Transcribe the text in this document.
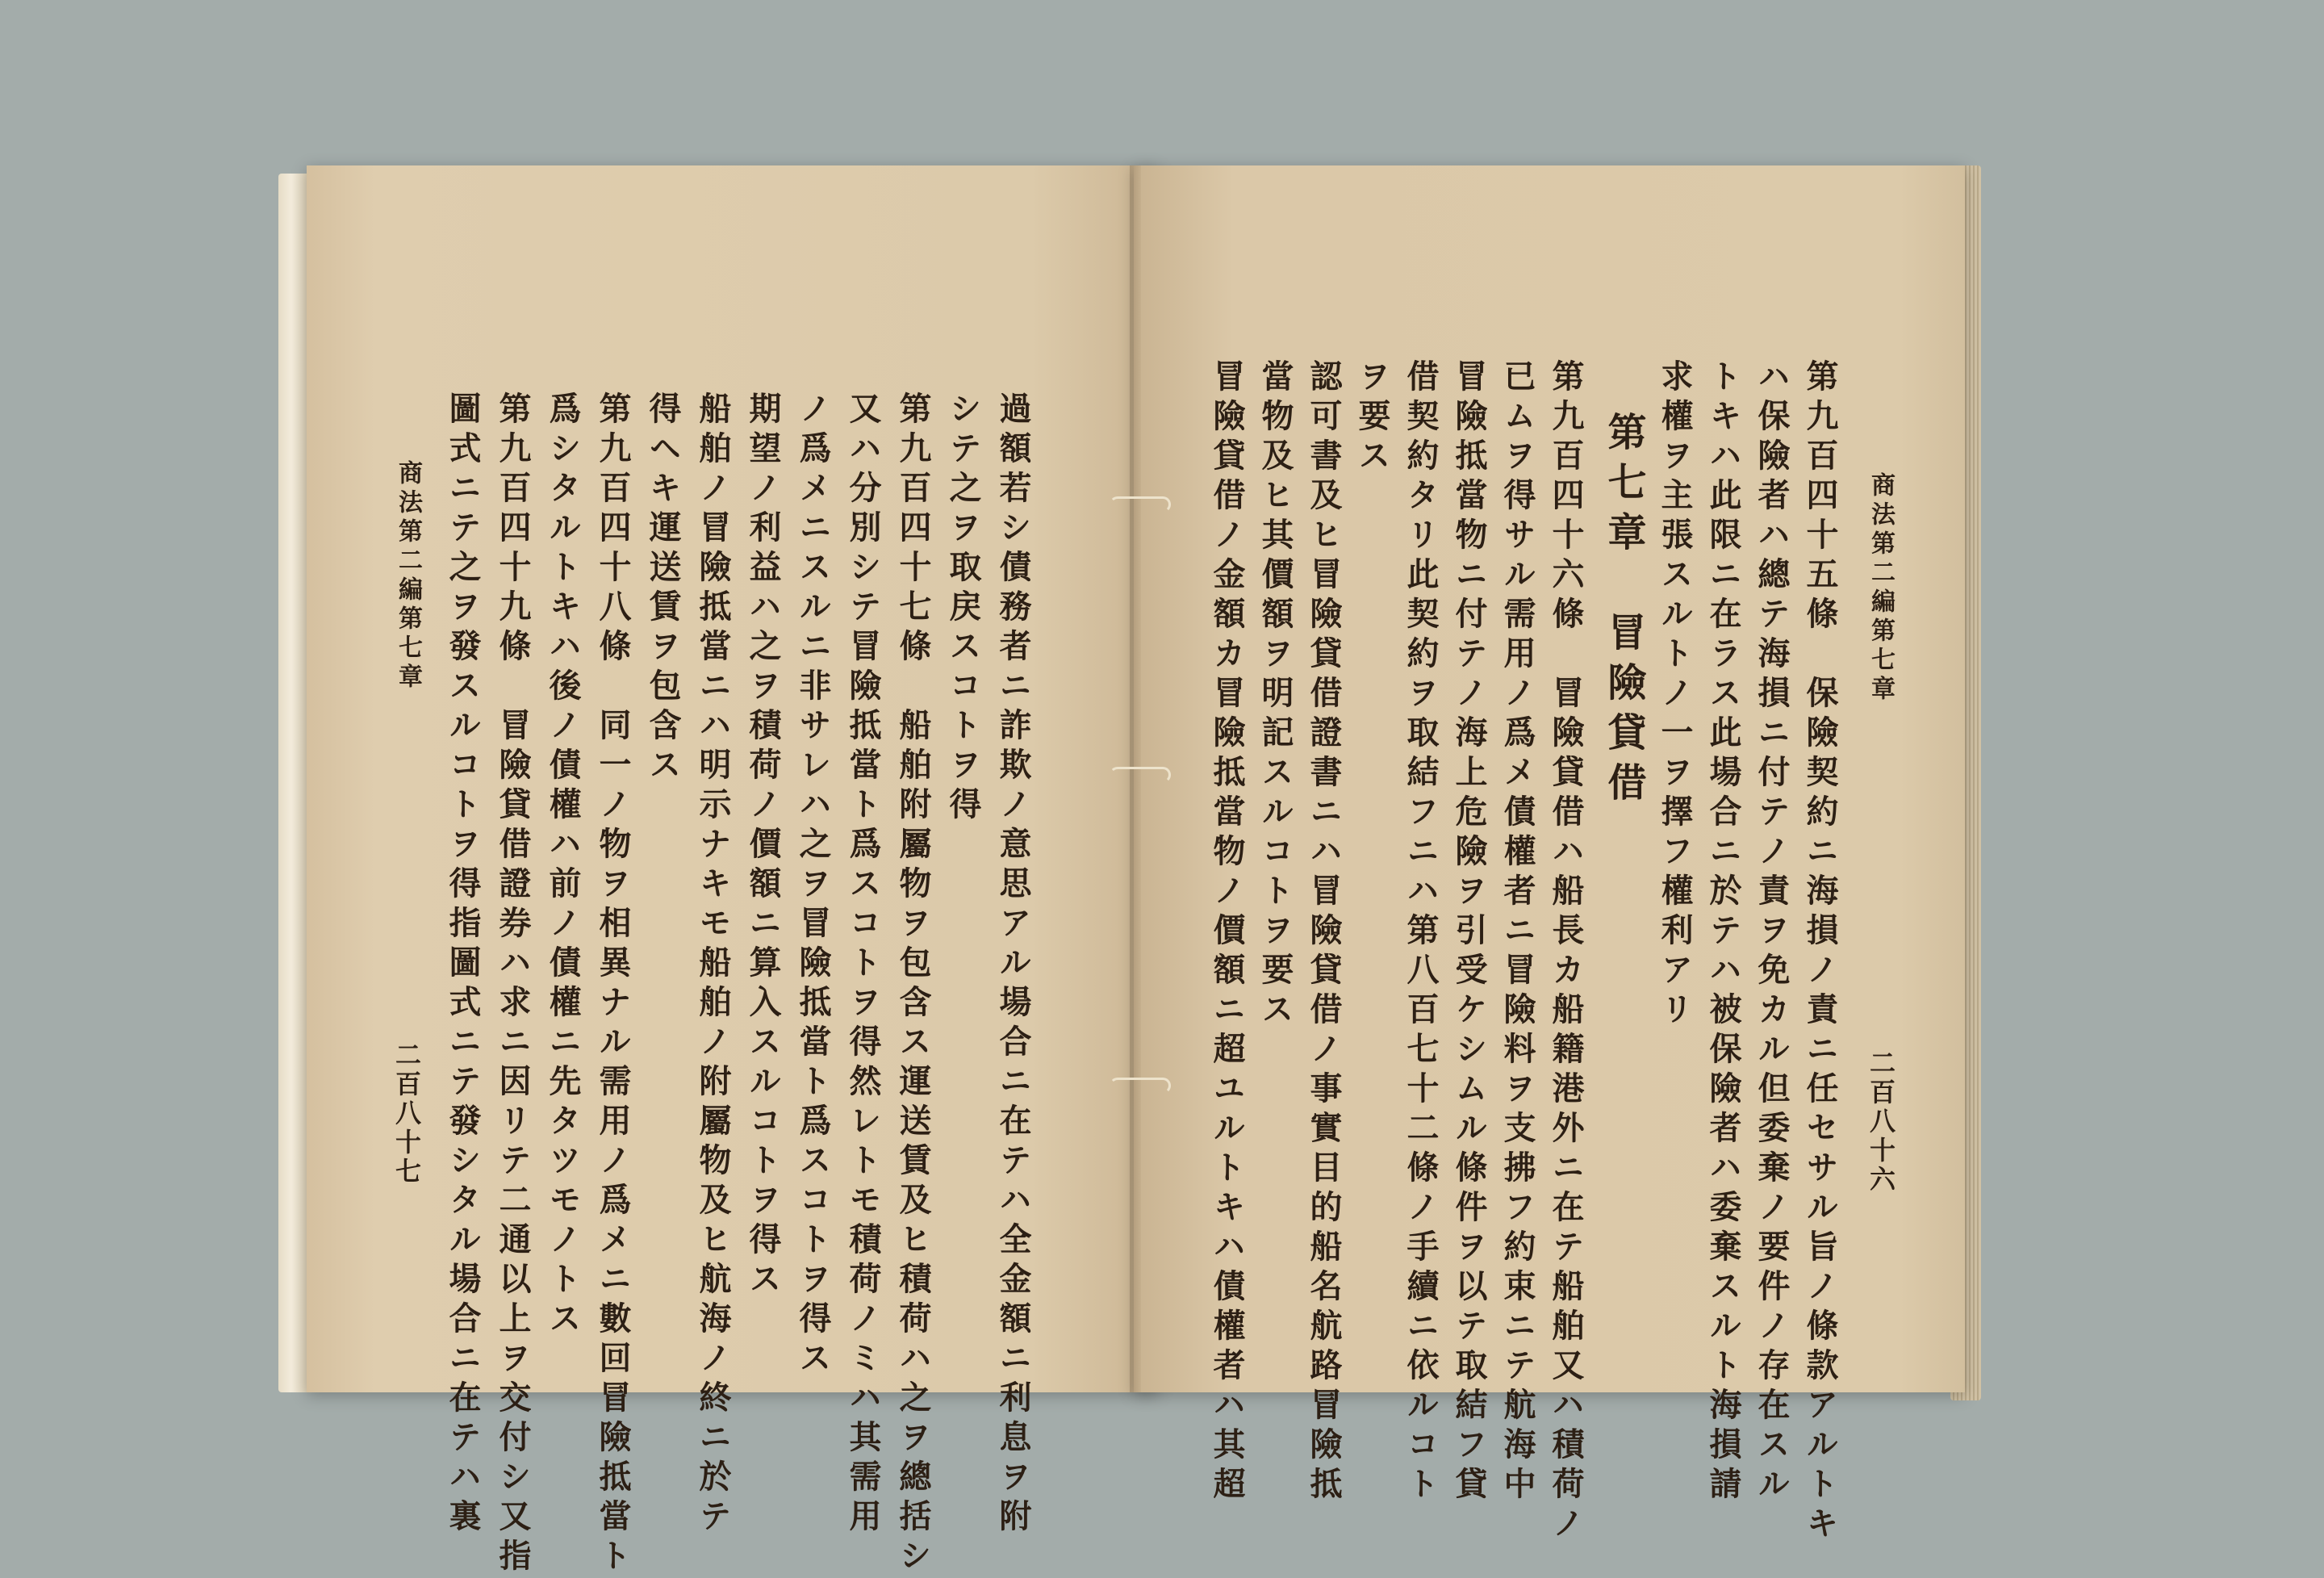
商法第二編第七章
二百八十七	過額若シ債務者ニ詐欺ノ意思アル場合ニ在テハ全金額ニ利息ヲ附
シテ之ヲ取戻スコトヲ得
第九百四十七條　船舶附屬物ヲ包含ス運送賃及ヒ積荷ハ之ヲ總括シ
又ハ分別シテ冒險抵當ト爲スコトヲ得然レトモ積荷ノミハ其需用
ノ爲メニスルニ非サレハ之ヲ冒險抵當ト爲スコトヲ得ス
期望ノ利益ハ之ヲ積荷ノ價額ニ算入スルコトヲ得ス
船舶ノ冒險抵當ニハ明示ナキモ船舶ノ附屬物及ヒ航海ノ終ニ於テ
得ヘキ運送賃ヲ包含ス
第九百四十八條　同一ノ物ヲ相異ナル需用ノ爲メニ數回冒險抵當ト
爲シタルトキハ後ノ債權ハ前ノ債權ニ先タツモノトス
第九百四十九條　冒險貸借證券ハ求ニ因リテ二通以上ヲ交付シ又指
圖式ニテ之ヲ發スルコトヲ得指圖式ニテ發シタル場合ニ在テハ裏	商法第二編第七章
二百八十六
第九百四十五條　保險契約ニ海損ノ責ニ任セサル旨ノ條款アルトキ
ハ保險者ハ總テ海損ニ付テノ責ヲ免カル但委棄ノ要件ノ存在スル
トキハ此限ニ在ラス此場合ニ於テハ被保險者ハ委棄スルト海損請
求權ヲ主張スルトノ一ヲ擇フ權利アリ
第七章　冒險貸借
第九百四十六條　冒險貸借ハ船長カ船籍港外ニ在テ船舶又ハ積荷ノ
已ムヲ得サル需用ノ爲メ債權者ニ冒險料ヲ支拂フ約束ニテ航海中
冒險抵當物ニ付テノ海上危險ヲ引受ケシムル條件ヲ以テ取結フ貸
借契約タリ此契約ヲ取結フニハ第八百七十二條ノ手續ニ依ルコト
ヲ要ス
認可書及ヒ冒險貸借證書ニハ冒險貸借ノ事實目的船名航路冒險抵
當物及ヒ其價額ヲ明記スルコトヲ要ス
冒險貸借ノ金額カ冒險抵當物ノ價額ニ超ユルトキハ債權者ハ其超
